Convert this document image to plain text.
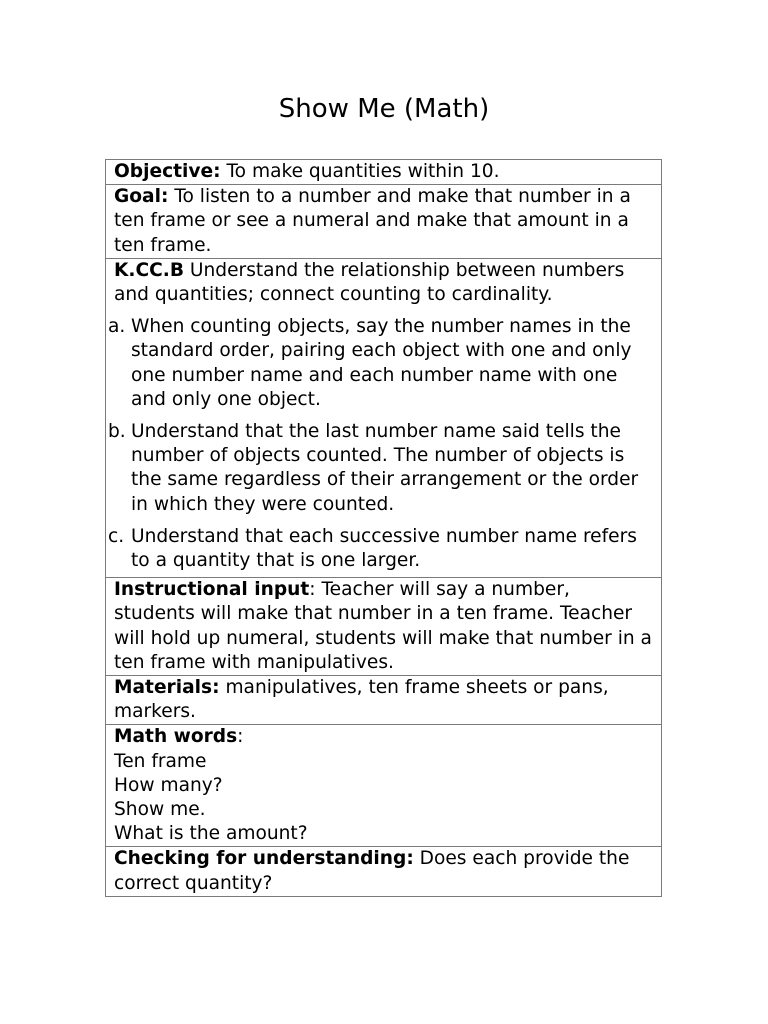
Show Me (Math)
Objective: To make quantities within 10.
Goal: To listen to a number and make that number in a ten frame or see a numeral and make that amount in a ten frame.

K.CC.B Understand the relationship between numbers and quantities; connect counting to cardinality.
a. When counting objects, say the number names in the standard order, pairing each object with one and only one number name and each number name with one and only one object.
b. Understand that the last number name said tells the number of objects counted. The number of objects is the same regardless of their arrangement or the order in which they were counted.
c. Understand that each successive number name refers to a quantity that is one larger.

Instructional input: Teacher will say a number, students will make that number in a ten frame. Teacher will hold up numeral, students will make that number in a ten frame with manipulatives.
Materials: manipulatives, ten frame sheets or pans, markers.

Math words:
Ten frame
How many?
Show me.
What is the amount?

Checking for understanding: Does each provide the correct quantity?
